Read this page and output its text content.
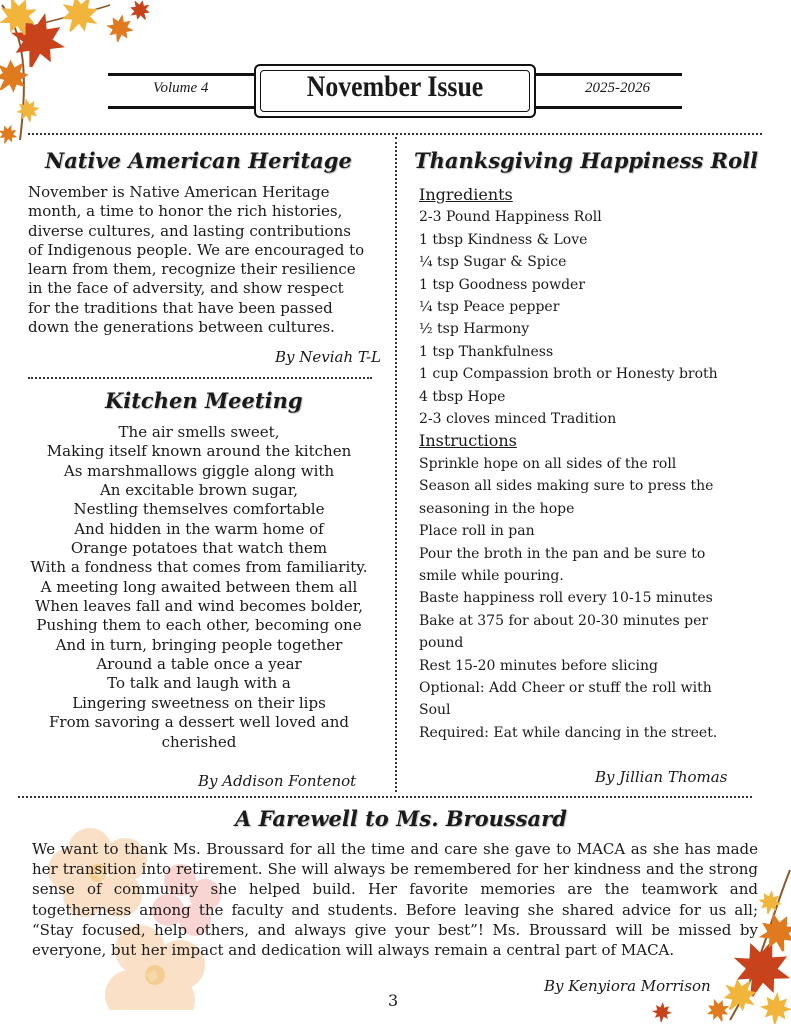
November Issue
Volume 4	2025-2026
Native American Heritage
November is Native American Heritage
month, a time to honor the rich histories,
diverse cultures, and lasting contributions
of Indigenous people. We are encouraged to
learn from them, recognize their resilience
in the face of adversity, and show respect
for the traditions that have been passed
down the generations between cultures.
By Neviah T-L
Kitchen Meeting
The air smells sweet,
Making itself known around the kitchen
As marshmallows giggle along with
An excitable brown sugar,
Nestling themselves comfortable
And hidden in the warm home of
Orange potatoes that watch them
With a fondness that comes from familiarity.
A meeting long awaited between them all
When leaves fall and wind becomes bolder,
Pushing them to each other, becoming one
And in turn, bringing people together
Around a table once a year
To talk and laugh with a
Lingering sweetness on their lips
From savoring a dessert well loved and
cherished
By Addison Fontenot
Thanksgiving Happiness Roll
Ingredients
2-3 Pound Happiness Roll
1 tbsp Kindness & Love
¼ tsp Sugar & Spice
1 tsp Goodness powder
¼ tsp Peace pepper
½ tsp Harmony
1 tsp Thankfulness
1 cup Compassion broth or Honesty broth
4 tbsp Hope
2-3 cloves minced Tradition
Instructions
Sprinkle hope on all sides of the roll
Season all sides making sure to press the
seasoning in the hope
Place roll in pan
Pour the broth in the pan and be sure to
smile while pouring.
Baste happiness roll every 10-15 minutes
Bake at 375 for about 20-30 minutes per
pound
Rest 15-20 minutes before slicing
Optional: Add Cheer or stuff the roll with
Soul
Required: Eat while dancing in the street.
By Jillian Thomas
A Farewell to Ms. Broussard
We want to thank Ms. Broussard for all the time and care she gave to MACA as she has made her transition into retirement. She will always be remembered for her kindness and the strong sense of community she helped build. Her favorite memories are the teamwork and togetherness among the faculty and students. Before leaving she shared advice for us all; “Stay focused, help others, and always give your best”! Ms. Broussard will be missed by everyone, but her impact and dedication will always remain a central part of MACA.
By Kenyiora Morrison
3
